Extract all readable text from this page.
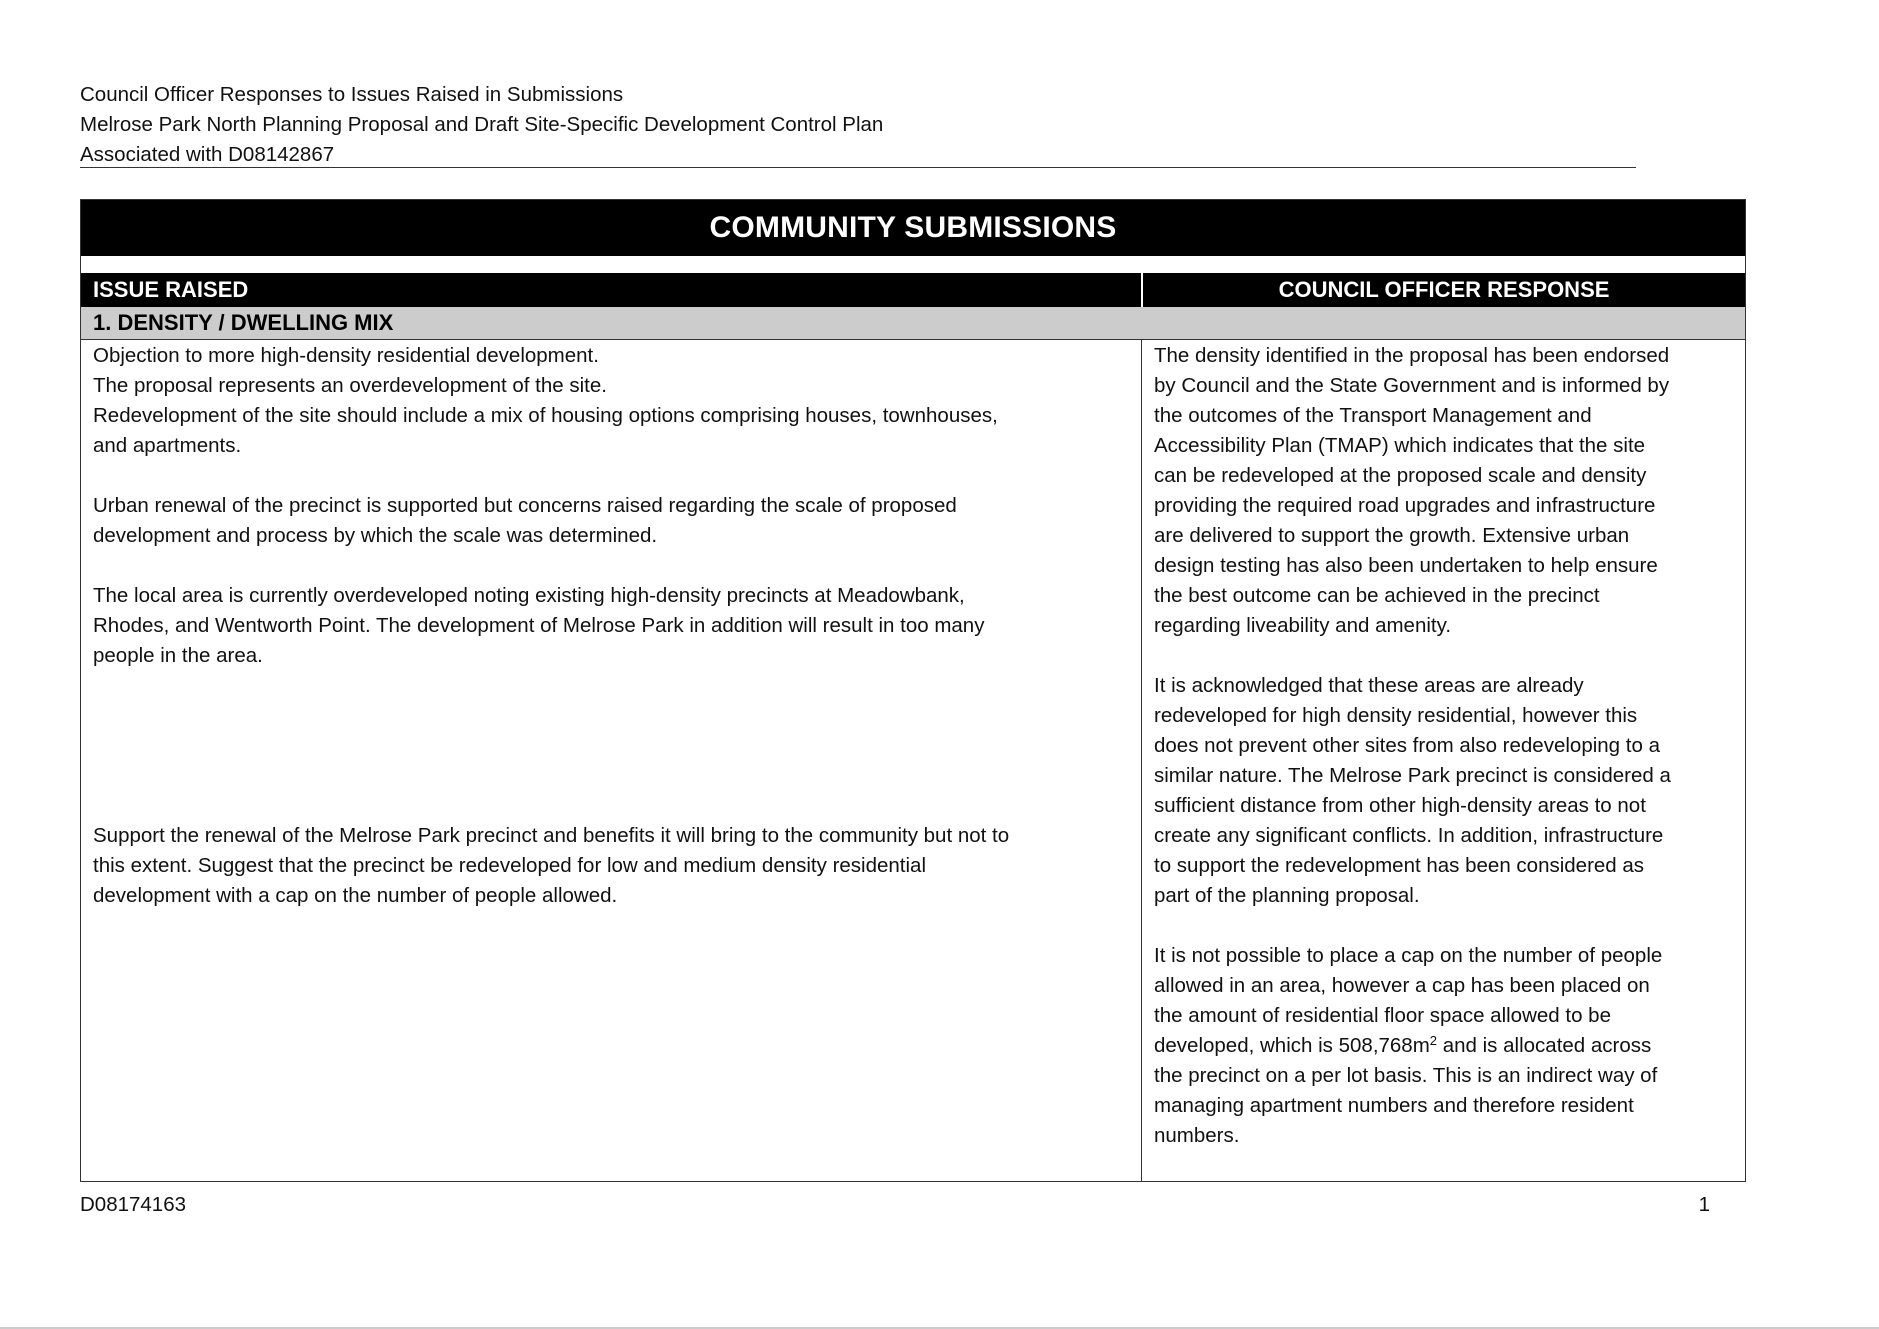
Council Officer Responses to Issues Raised in Submissions
Melrose Park North Planning Proposal and Draft Site-Specific Development Control Plan
Associated with D08142867
COMMUNITY SUBMISSIONS
ISSUE RAISED	COUNCIL OFFICER RESPONSE
1. DENSITY / DWELLING MIX
Objection to more high-density residential development.
The proposal represents an overdevelopment of the site.
Redevelopment of the site should include a mix of housing options comprising houses, townhouses,
and apartments.
Urban renewal of the precinct is supported but concerns raised regarding the scale of proposed
development and process by which the scale was determined.
The local area is currently overdeveloped noting existing high-density precincts at Meadowbank,
Rhodes, and Wentworth Point. The development of Melrose Park in addition will result in too many
people in the area.
Support the renewal of the Melrose Park precinct and benefits it will bring to the community but not to
this extent. Suggest that the precinct be redeveloped for low and medium density residential
development with a cap on the number of people allowed.
The density identified in the proposal has been endorsed
by Council and the State Government and is informed by
the outcomes of the Transport Management and
Accessibility Plan (TMAP) which indicates that the site
can be redeveloped at the proposed scale and density
providing the required road upgrades and infrastructure
are delivered to support the growth. Extensive urban
design testing has also been undertaken to help ensure
the best outcome can be achieved in the precinct
regarding liveability and amenity.
It is acknowledged that these areas are already
redeveloped for high density residential, however this
does not prevent other sites from also redeveloping to a
similar nature. The Melrose Park precinct is considered a
sufficient distance from other high-density areas to not
create any significant conflicts. In addition, infrastructure
to support the redevelopment has been considered as
part of the planning proposal.
It is not possible to place a cap on the number of people
allowed in an area, however a cap has been placed on
the amount of residential floor space allowed to be
developed, which is $508,768m^2$ and is allocated across
the precinct on a per lot basis. This is an indirect way of
managing apartment numbers and therefore resident
numbers.
D08174163	1
